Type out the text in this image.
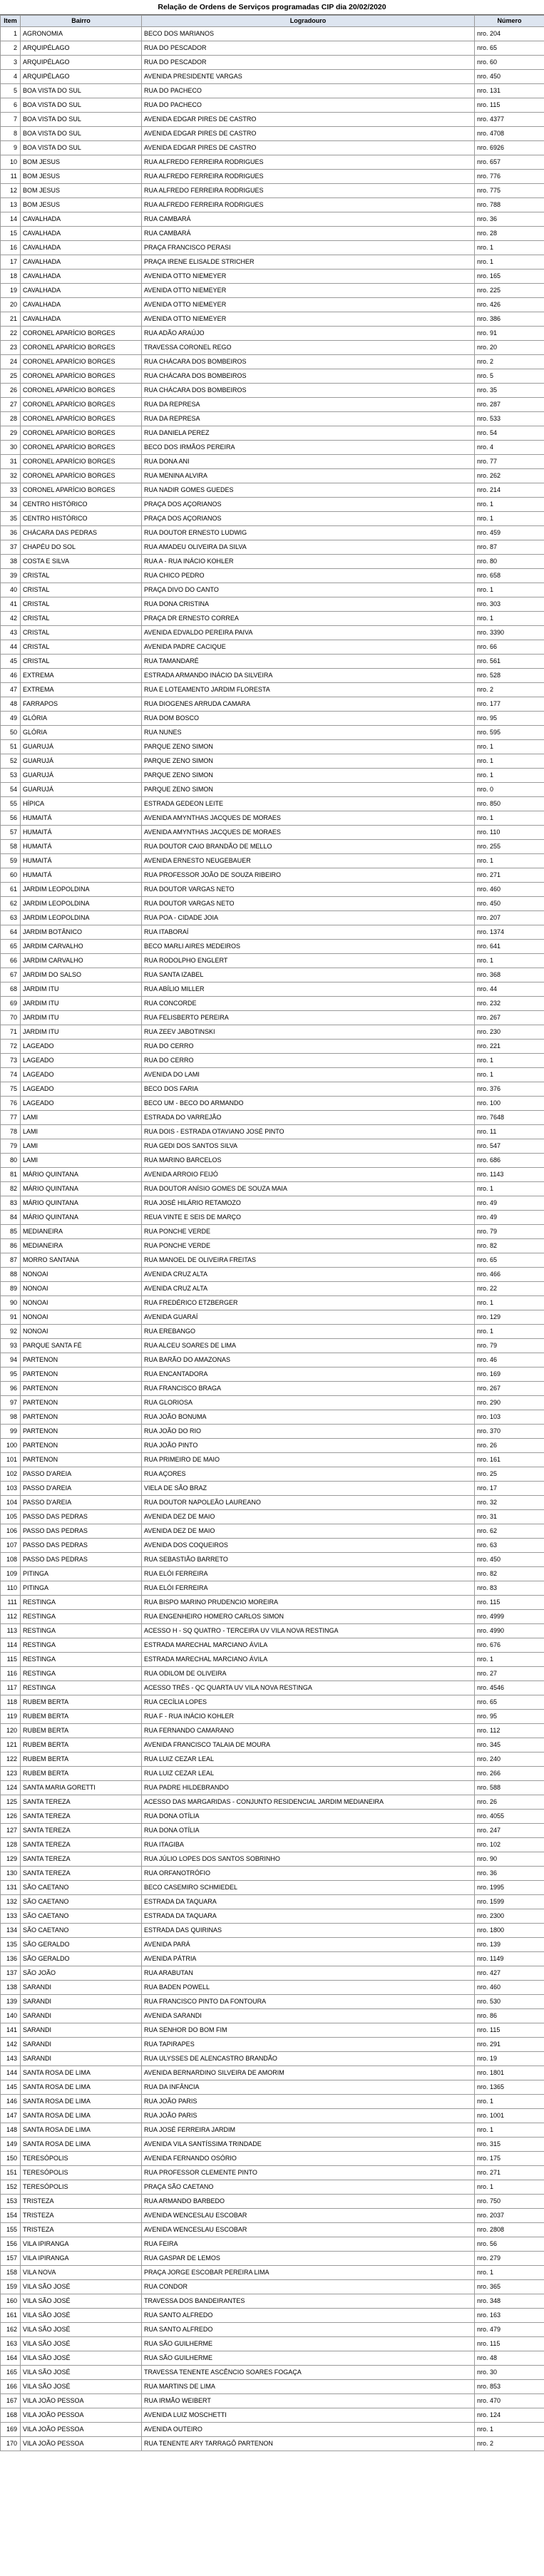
Relação de Ordens de Serviços programadas CIP dia 20/02/2020
Item	Bairro	Logradouro	Número
1	AGRONOMIA	BECO DOS MARIANOS	nro. 204
2	ARQUIPÉLAGO	RUA DO PESCADOR	nro. 65
3	ARQUIPÉLAGO	RUA DO PESCADOR	nro. 60
4	ARQUIPÉLAGO	AVENIDA PRESIDENTE VARGAS	nro. 450
5	BOA VISTA DO SUL	RUA DO PACHECO	nro. 131
6	BOA VISTA DO SUL	RUA DO PACHECO	nro. 115
7	BOA VISTA DO SUL	AVENIDA EDGAR PIRES DE CASTRO	nro. 4377
8	BOA VISTA DO SUL	AVENIDA EDGAR PIRES DE CASTRO	nro. 4708
9	BOA VISTA DO SUL	AVENIDA EDGAR PIRES DE CASTRO	nro. 6926
10	BOM JESUS	RUA ALFREDO FERREIRA RODRIGUES	nro. 657
11	BOM JESUS	RUA ALFREDO FERREIRA RODRIGUES	nro. 776
12	BOM JESUS	RUA ALFREDO FERREIRA RODRIGUES	nro. 775
13	BOM JESUS	RUA ALFREDO FERREIRA RODRIGUES	nro. 788
14	CAVALHADA	RUA CAMBARÁ	nro. 36
15	CAVALHADA	RUA CAMBARÁ	nro. 28
16	CAVALHADA	PRAÇA FRANCISCO PERASI	nro. 1
17	CAVALHADA	PRAÇA IRENE ELISALDE STRICHER	nro. 1
18	CAVALHADA	AVENIDA OTTO NIEMEYER	nro. 165
19	CAVALHADA	AVENIDA OTTO NIEMEYER	nro. 225
20	CAVALHADA	AVENIDA OTTO NIEMEYER	nro. 426
21	CAVALHADA	AVENIDA OTTO NIEMEYER	nro. 386
22	CORONEL APARÍCIO BORGES	RUA ADÃO ARAÚJO	nro. 91
23	CORONEL APARÍCIO BORGES	TRAVESSA CORONEL REGO	nro. 20
24	CORONEL APARÍCIO BORGES	RUA CHÁCARA DOS BOMBEIROS	nro. 2
25	CORONEL APARÍCIO BORGES	RUA CHÁCARA DOS BOMBEIROS	nro. 5
26	CORONEL APARÍCIO BORGES	RUA CHÁCARA DOS BOMBEIROS	nro. 35
27	CORONEL APARÍCIO BORGES	RUA DA REPRESA	nro. 287
28	CORONEL APARÍCIO BORGES	RUA DA REPRESA	nro. 533
29	CORONEL APARÍCIO BORGES	RUA DANIELA PEREZ	nro. 54
30	CORONEL APARÍCIO BORGES	BECO DOS IRMÃOS PEREIRA	nro. 4
31	CORONEL APARÍCIO BORGES	RUA DONA ANI	nro. 77
32	CORONEL APARÍCIO BORGES	RUA MENINA ALVIRA	nro. 262
33	CORONEL APARÍCIO BORGES	RUA NADIR GOMES GUEDES	nro. 214
34	CENTRO HISTÓRICO	PRAÇA DOS AÇORIANOS	nro. 1
35	CENTRO HISTÓRICO	PRAÇA DOS AÇORIANOS	nro. 1
36	CHÁCARA DAS PEDRAS	RUA DOUTOR ERNESTO LUDWIG	nro. 459
37	CHAPÉU DO SOL	RUA AMADEU OLIVEIRA DA SILVA	nro. 87
38	COSTA E SILVA	RUA A - RUA INÁCIO KOHLER	nro. 80
39	CRISTAL	RUA CHICO PEDRO	nro. 658
40	CRISTAL	PRAÇA DIVO DO CANTO	nro. 1
41	CRISTAL	RUA DONA CRISTINA	nro. 303
42	CRISTAL	PRAÇA DR ERNESTO CORREA	nro. 1
43	CRISTAL	AVENIDA EDVALDO PEREIRA PAIVA	nro. 3390
44	CRISTAL	AVENIDA PADRE CACIQUE	nro. 66
45	CRISTAL	RUA TAMANDARÉ	nro. 561
46	EXTREMA	ESTRADA ARMANDO INÁCIO DA SILVEIRA	nro. 528
47	EXTREMA	RUA E LOTEAMENTO JARDIM FLORESTA	nro. 2
48	FARRAPOS	RUA DIOGENES ARRUDA CAMARA	nro. 177
49	GLÓRIA	RUA DOM BOSCO	nro. 95
50	GLÓRIA	RUA NUNES	nro. 595
51	GUARUJÁ	PARQUE ZENO SIMON	nro. 1
52	GUARUJÁ	PARQUE ZENO SIMON	nro. 1
53	GUARUJÁ	PARQUE ZENO SIMON	nro. 1
54	GUARUJÁ	PARQUE ZENO SIMON	nro. 0
55	HÍPICA	ESTRADA GEDEON LEITE	nro. 850
56	HUMAITÁ	AVENIDA AMYNTHAS JACQUES DE MORAES	nro. 1
57	HUMAITÁ	AVENIDA AMYNTHAS JACQUES DE MORAES	nro. 110
58	HUMAITÁ	RUA DOUTOR CAIO BRANDÃO DE MELLO	nro. 255
59	HUMAITÁ	AVENIDA ERNESTO NEUGEBAUER	nro. 1
60	HUMAITÁ	RUA PROFESSOR JOÃO DE SOUZA RIBEIRO	nro. 271
61	JARDIM LEOPOLDINA	RUA DOUTOR VARGAS NETO	nro. 460
62	JARDIM LEOPOLDINA	RUA DOUTOR VARGAS NETO	nro. 450
63	JARDIM LEOPOLDINA	RUA POA - CIDADE JOIA	nro. 207
64	JARDIM BOTÂNICO	RUA ITABORAÍ	nro. 1374
65	JARDIM CARVALHO	BECO MARLI AIRES MEDEIROS	nro. 641
66	JARDIM CARVALHO	RUA RODOLPHO ENGLERT	nro. 1
67	JARDIM DO SALSO	RUA SANTA IZABEL	nro. 368
68	JARDIM ITU	RUA ABÍLIO MILLER	nro. 44
69	JARDIM ITU	RUA CONCORDE	nro. 232
70	JARDIM ITU	RUA FELISBERTO PEREIRA	nro. 267
71	JARDIM ITU	RUA ZEEV JABOTINSKI	nro. 230
72	LAGEADO	RUA DO CERRO	nro. 221
73	LAGEADO	RUA DO CERRO	nro. 1
74	LAGEADO	AVENIDA DO LAMI	nro. 1
75	LAGEADO	BECO DOS FARIA	nro. 376
76	LAGEADO	BECO UM - BECO DO ARMANDO	nro. 100
77	LAMI	ESTRADA DO VARREJÃO	nro. 7648
78	LAMI	RUA DOIS - ESTRADA OTAVIANO JOSÉ PINTO	nro. 11
79	LAMI	RUA GEDI DOS SANTOS SILVA	nro. 547
80	LAMI	RUA MARINO BARCELOS	nro. 686
81	MÁRIO QUINTANA	AVENIDA ARROIO FEIJÓ	nro. 1143
82	MÁRIO QUINTANA	RUA DOUTOR ANÍSIO GOMES DE SOUZA MAIA	nro. 1
83	MÁRIO QUINTANA	RUA JOSÉ HILÁRIO RETAMOZO	nro. 49
84	MÁRIO QUINTANA	REUA VINTE E SEIS DE MARÇO	nro. 49
85	MEDIANEIRA	RUA PONCHE VERDE	nro. 79
86	MEDIANEIRA	RUA PONCHE VERDE	nro. 82
87	MORRO SANTANA	RUA MANOEL DE OLIVEIRA FREITAS	nro. 65
88	NONOAI	AVENIDA CRUZ ALTA	nro. 466
89	NONOAI	AVENIDA CRUZ ALTA	nro. 22
90	NONOAI	RUA FREDÉRICO ETZBERGER	nro. 1
91	NONOAI	AVENIDA GUARAÍ	nro. 129
92	NONOAI	RUA EREBANGO	nro. 1
93	PARQUE SANTA FÉ	RUA ALCEU SOARES DE LIMA	nro. 79
94	PARTENON	RUA BARÃO DO AMAZONAS	nro. 46
95	PARTENON	RUA ENCANTADORA	nro. 169
96	PARTENON	RUA FRANCISCO BRAGA	nro. 267
97	PARTENON	RUA GLORIOSA	nro. 290
98	PARTENON	RUA JOÃO BONUMA	nro. 103
99	PARTENON	RUA JOÃO DO RIO	nro. 370
100	PARTENON	RUA JOÃO PINTO	nro. 26
101	PARTENON	RUA PRIMEIRO DE MAIO	nro. 161
102	PASSO D'AREIA	RUA AÇORES	nro. 25
103	PASSO D'AREIA	VIELA DE SÃO BRAZ	nro. 17
104	PASSO D'AREIA	RUA DOUTOR NAPOLEÃO LAUREANO	nro. 32
105	PASSO DAS PEDRAS	AVENIDA DEZ DE MAIO	nro. 31
106	PASSO DAS PEDRAS	AVENIDA DEZ DE MAIO	nro. 62
107	PASSO DAS PEDRAS	AVENIDA DOS COQUEIROS	nro. 63
108	PASSO DAS PEDRAS	RUA SEBASTIÃO BARRETO	nro. 450
109	PITINGA	RUA ELÓI FERREIRA	nro. 82
110	PITINGA	RUA ELÓI FERREIRA	nro. 83
111	RESTINGA	RUA BISPO MARINO PRUDENCIO MOREIRA	nro. 115
112	RESTINGA	RUA ENGENHEIRO HOMERO CARLOS SIMON	nro. 4999
113	RESTINGA	ACESSO H - SQ QUATRO - TERCEIRA UV VILA NOVA RESTINGA	nro. 4990
114	RESTINGA	ESTRADA MARECHAL MARCIANO ÁVILA	nro. 676
115	RESTINGA	ESTRADA MARECHAL MARCIANO ÁVILA	nro. 1
116	RESTINGA	RUA ODILOM DE OLIVEIRA	nro. 27
117	RESTINGA	ACESSO TRÊS - QC QUARTA UV VILA NOVA RESTINGA	nro. 4546
118	RUBEM BERTA	RUA CECÍLIA LOPES	nro. 65
119	RUBEM BERTA	RUA F - RUA INÁCIO KOHLER	nro. 95
120	RUBEM BERTA	RUA FERNANDO CAMARANO	nro. 112
121	RUBEM BERTA	AVENIDA FRANCISCO TALAIA DE MOURA	nro. 345
122	RUBEM BERTA	RUA LUIZ CEZAR LEAL	nro. 240
123	RUBEM BERTA	RUA LUIZ CEZAR LEAL	nro. 266
124	SANTA MARIA GORETTI	RUA PADRE HILDEBRANDO	nro. 588
125	SANTA TEREZA	ACESSO DAS MARGARIDAS - CONJUNTO RESIDENCIAL JARDIM MEDIANEIRA	nro. 26
126	SANTA TEREZA	RUA DONA OTÍLIA	nro. 4055
127	SANTA TEREZA	RUA DONA OTÍLIA	nro. 247
128	SANTA TEREZA	RUA ITAGIBA	nro. 102
129	SANTA TEREZA	RUA JÚLIO LOPES DOS SANTOS SOBRINHO	nro. 90
130	SANTA TEREZA	RUA ORFANOTRÓFIO	nro. 36
131	SÃO CAETANO	BECO CASEMIRO SCHMIEDEL	nro. 1995
132	SÃO CAETANO	ESTRADA DA TAQUARA	nro. 1599
133	SÃO CAETANO	ESTRADA DA TAQUARA	nro. 2300
134	SÃO CAETANO	ESTRADA DAS QUIRINAS	nro. 1800
135	SÃO GERALDO	AVENIDA PARÁ	nro. 139
136	SÃO GERALDO	AVENIDA PÁTRIA	nro. 1149
137	SÃO JOÃO	RUA ARABUTAN	nro. 427
138	SARANDI	RUA BADEN POWELL	nro. 460
139	SARANDI	RUA FRANCISCO PINTO DA FONTOURA	nro. 530
140	SARANDI	AVENIDA SARANDI	nro. 86
141	SARANDI	RUA SENHOR DO BOM FIM	nro. 115
142	SARANDI	RUA TAPIRAPES	nro. 291
143	SARANDI	RUA ULYSSES DE ALENCASTRO BRANDÃO	nro. 19
144	SANTA ROSA DE LIMA	AVENIDA BERNARDINO SILVEIRA DE AMORIM	nro. 1801
145	SANTA ROSA DE LIMA	RUA DA INFÂNCIA	nro. 1365
146	SANTA ROSA DE LIMA	RUA JOÃO PARIS	nro. 1
147	SANTA ROSA DE LIMA	RUA JOÃO PARIS	nro. 1001
148	SANTA ROSA DE LIMA	RUA JOSÉ FERREIRA JARDIM	nro. 1
149	SANTA ROSA DE LIMA	AVENIDA VILA SANTÍSSIMA TRINDADE	nro. 315
150	TERESÓPOLIS	AVENIDA FERNANDO OSÓRIO	nro. 175
151	TERESÓPOLIS	RUA PROFESSOR CLEMENTE PINTO	nro. 271
152	TERESÓPOLIS	PRAÇA SÃO CAETANO	nro. 1
153	TRISTEZA	RUA ARMANDO BARBEDO	nro. 750
154	TRISTEZA	AVENIDA WENCESLAU ESCOBAR	nro. 2037
155	TRISTEZA	AVENIDA WENCESLAU ESCOBAR	nro. 2808
156	VILA IPIRANGA	RUA FEIRA	nro. 56
157	VILA IPIRANGA	RUA GASPAR DE LEMOS	nro. 279
158	VILA NOVA	PRAÇA JORGE ESCOBAR PEREIRA LIMA	nro. 1
159	VILA SÃO JOSÉ	RUA CONDOR	nro. 365
160	VILA SÃO JOSÉ	TRAVESSA DOS BANDEIRANTES	nro. 348
161	VILA SÃO JOSÉ	RUA SANTO ALFREDO	nro. 163
162	VILA SÃO JOSÉ	RUA SANTO ALFREDO	nro. 479
163	VILA SÃO JOSÉ	RUA SÃO GUILHERME	nro. 115
164	VILA SÃO JOSÉ	RUA SÃO GUILHERME	nro. 48
165	VILA SÃO JOSÉ	TRAVESSA TENENTE ASCÊNCIO SOARES FOGAÇA	nro. 30
166	VILA SÃO JOSÉ	RUA MARTINS DE LIMA	nro. 853
167	VILA JOÃO PESSOA	RUA IRMÃO WEIBERT	nro. 470
168	VILA JOÃO PESSOA	AVENIDA LUIZ MOSCHETTI	nro. 124
169	VILA JOÃO PESSOA	AVENIDA OUTEIRO	nro. 1
170	VILA JOÃO PESSOA	RUA TENENTE ARY TARRAGÔ PARTENON	nro. 2
